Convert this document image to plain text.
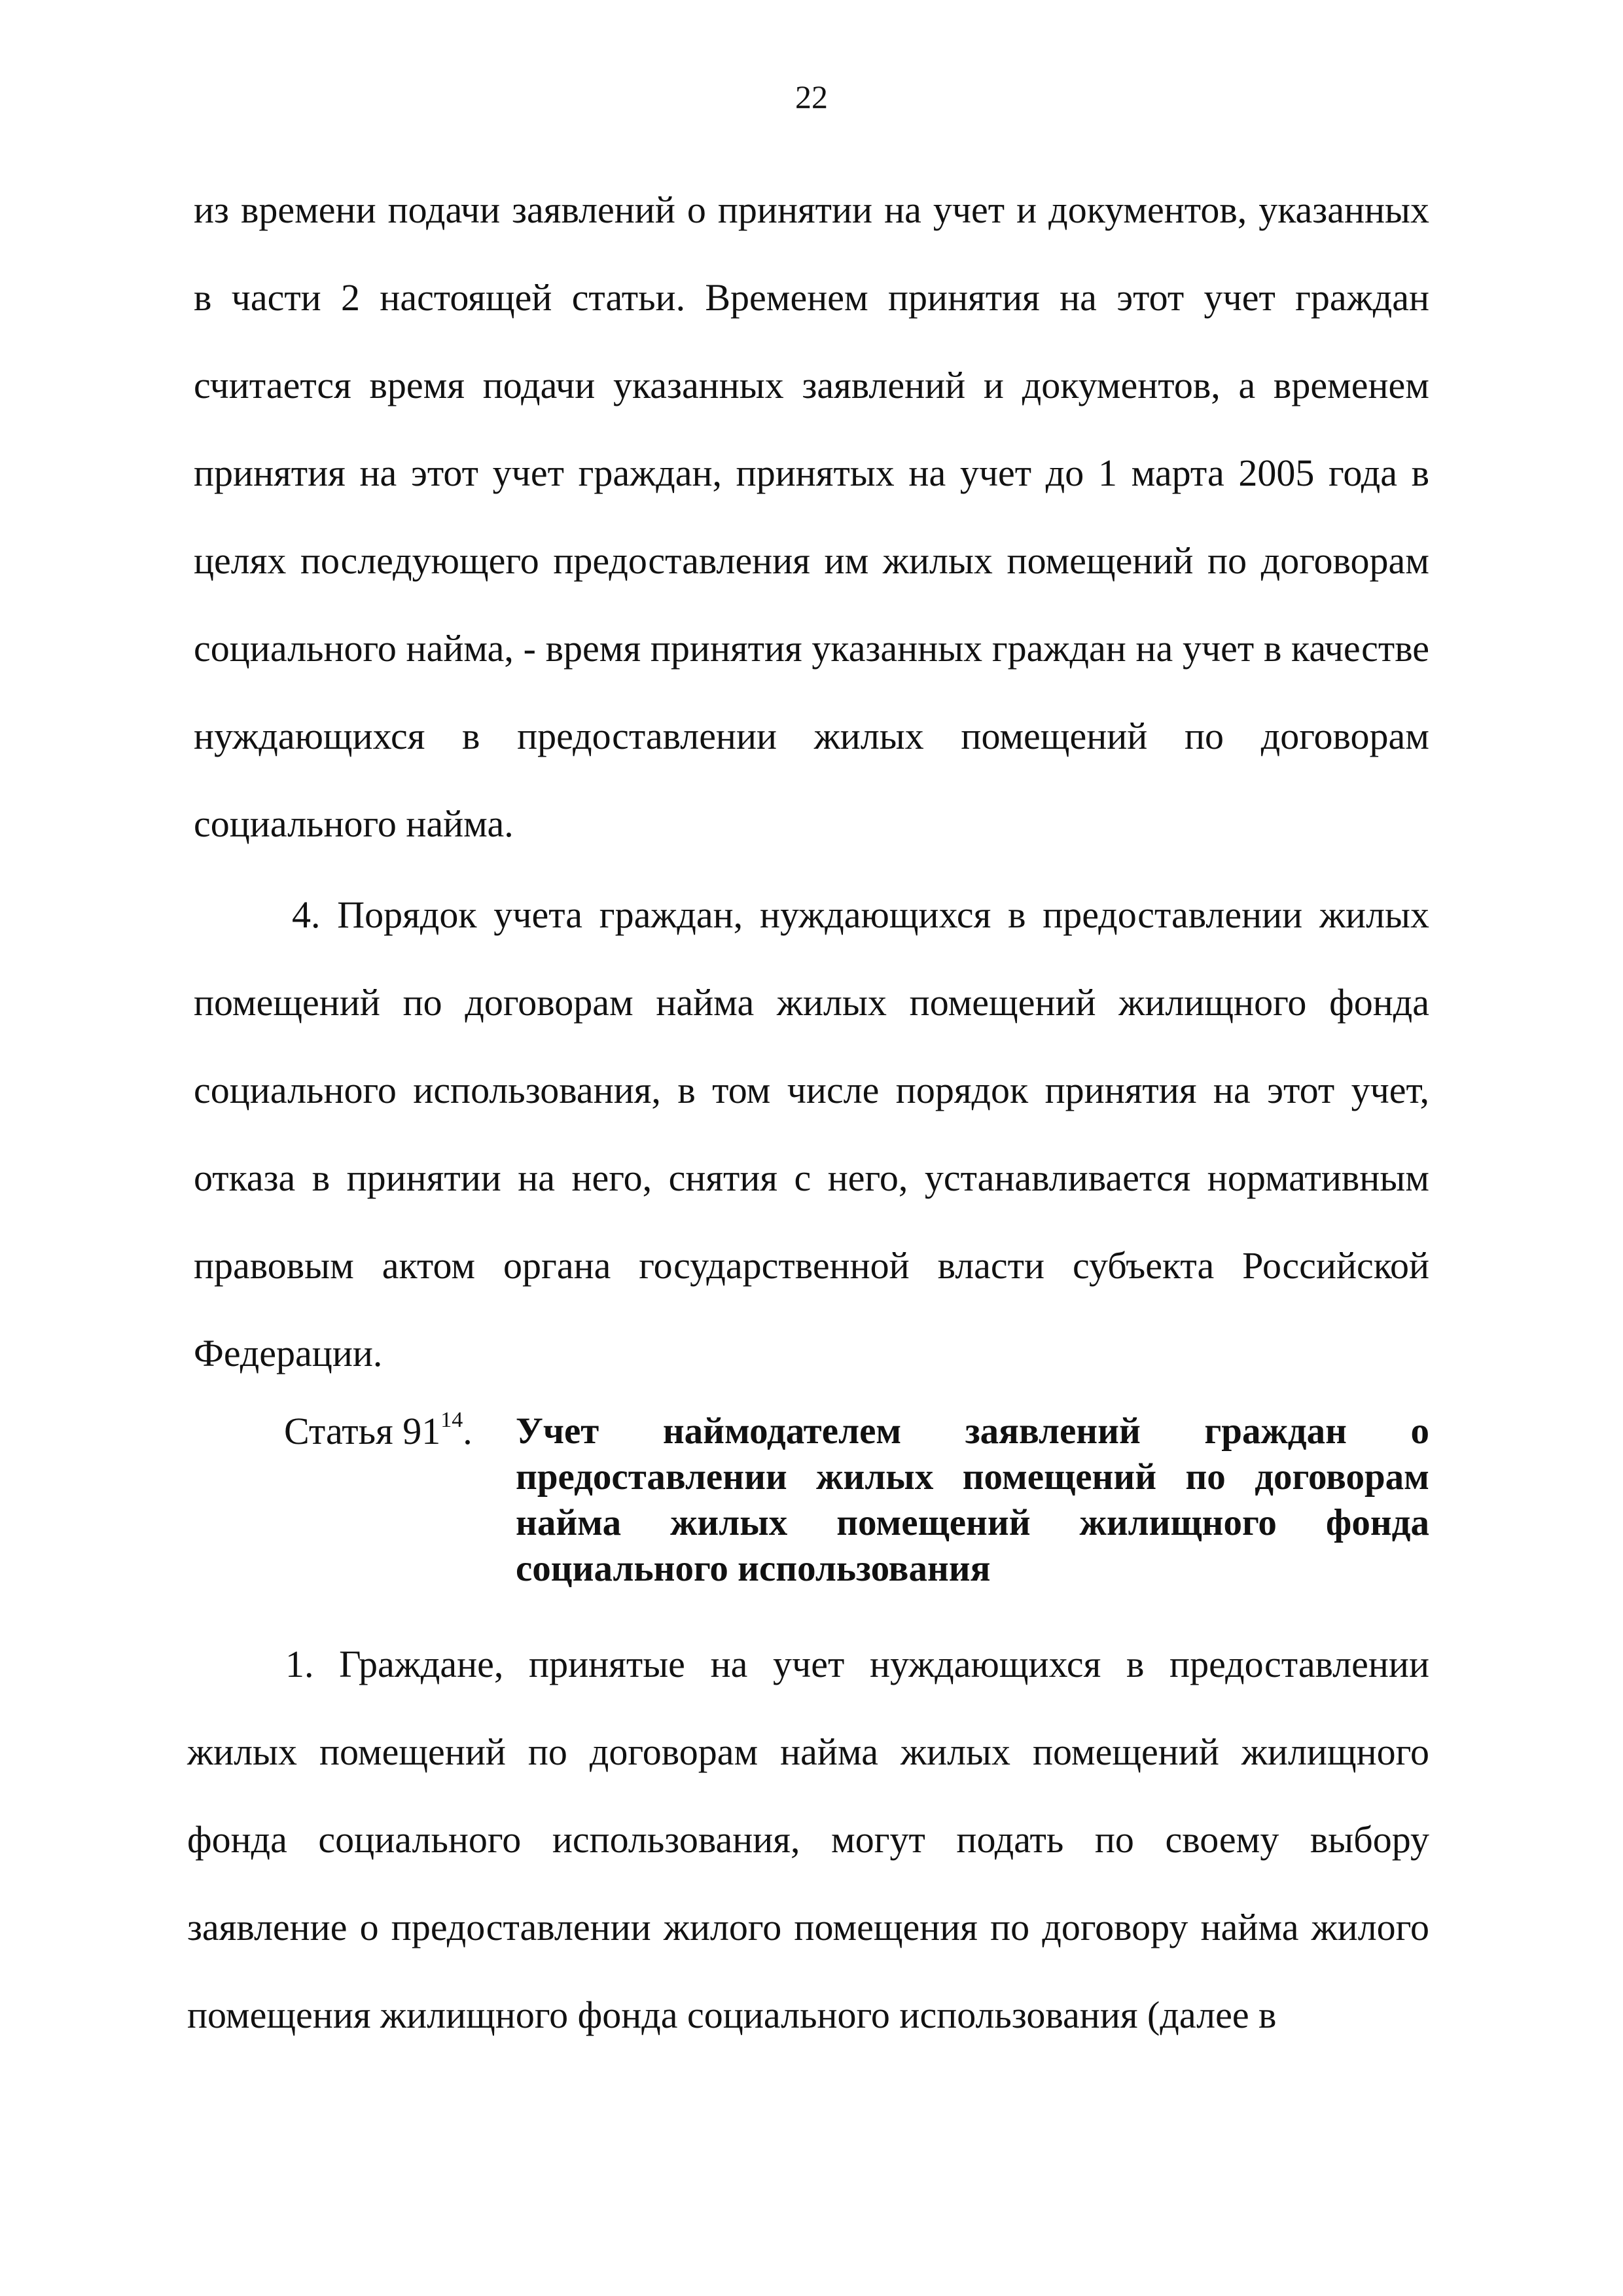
22

из времени подачи заявлений о принятии на учет и документов, указанных в части 2 настоящей статьи. Временем принятия на этот учет граждан считается время подачи указанных заявлений и документов, а временем принятия на этот учет граждан, принятых на учет до 1 марта 2005 года в целях последующего предоставления им жилых помещений по договорам социального найма, - время принятия указанных граждан на учет в качестве нуждающихся в предоставлении жилых помещений по договорам социального найма.

4. Порядок учета граждан, нуждающихся в предоставлении жилых помещений по договорам найма жилых помещений жилищного фонда социального использования, в том числе порядок принятия на этот учет, отказа в принятии на него, снятия с него, устанавливается нормативным правовым актом органа государственной власти субъекта Российской Федерации.

Статья $91^{14}$.	Учет наймодателем заявлений граждан о предоставлении жилых помещений по договорам найма жилых помещений жилищного фонда социального использования

1. Граждане, принятые на учет нуждающихся в предоставлении жилых помещений по договорам найма жилых помещений жилищного фонда социального использования, могут подать по своему выбору заявление о предоставлении жилого помещения по договору найма жилого помещения жилищного фонда социального использования (далее в
